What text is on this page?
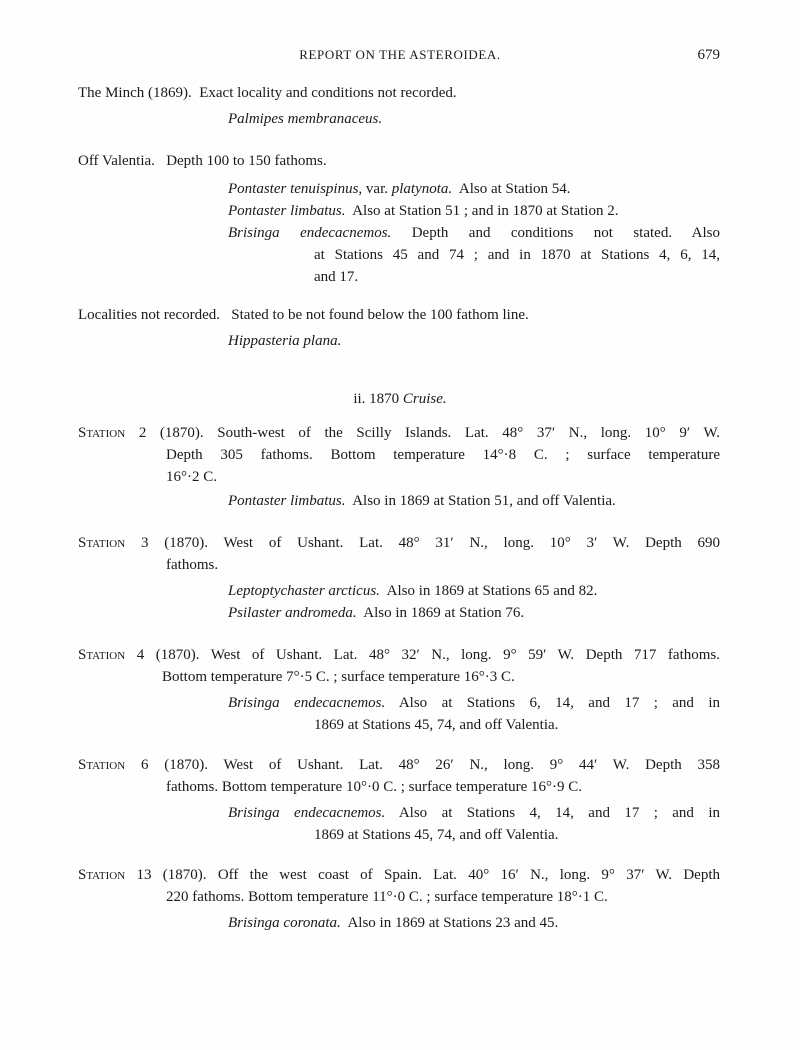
REPORT ON THE ASTEROIDEA.	679
The Minch (1869). Exact locality and conditions not recorded.
Palmipes membranaceus.
Off Valentia. Depth 100 to 150 fathoms.
Pontaster tenuispinus, var. platynota. Also at Station 54.
Pontaster limbatus. Also at Station 51 ; and in 1870 at Station 2.
Brisinga endecacnemos. Depth and conditions not stated. Also
at Stations 45 and 74 ; and in 1870 at Stations 4, 6, 14,
and 17.
Localities not recorded. Stated to be not found below the 100 fathom line.
Hippasteria plana.
ii. 1870 Cruise.
Station 2 (1870). South-west of the Scilly Islands. Lat. 48° 37′ N., long. 10° 9′ W.
Depth 305 fathoms. Bottom temperature 14°·8 C. ; surface temperature
16°·2 C.
Pontaster limbatus. Also in 1869 at Station 51, and off Valentia.
Station 3 (1870). West of Ushant. Lat. 48° 31′ N., long. 10° 3′ W. Depth 690
fathoms.
Leptoptychaster arcticus. Also in 1869 at Stations 65 and 82.
Psilaster andromeda. Also in 1869 at Station 76.
Station 4 (1870). West of Ushant. Lat. 48° 32′ N., long. 9° 59′ W. Depth 717 fathoms.
Bottom temperature 7°·5 C. ; surface temperature 16°·3 C.
Brisinga endecacnemos. Also at Stations 6, 14, and 17 ; and in
1869 at Stations 45, 74, and off Valentia.
Station 6 (1870). West of Ushant. Lat. 48° 26′ N., long. 9° 44′ W. Depth 358
fathoms. Bottom temperature 10°·0 C. ; surface temperature 16°·9 C.
Brisinga endecacnemos. Also at Stations 4, 14, and 17 ; and in
1869 at Stations 45, 74, and off Valentia.
Station 13 (1870). Off the west coast of Spain. Lat. 40° 16′ N., long. 9° 37′ W. Depth
220 fathoms. Bottom temperature 11°·0 C. ; surface temperature 18°·1 C.
Brisinga coronata. Also in 1869 at Stations 23 and 45.
